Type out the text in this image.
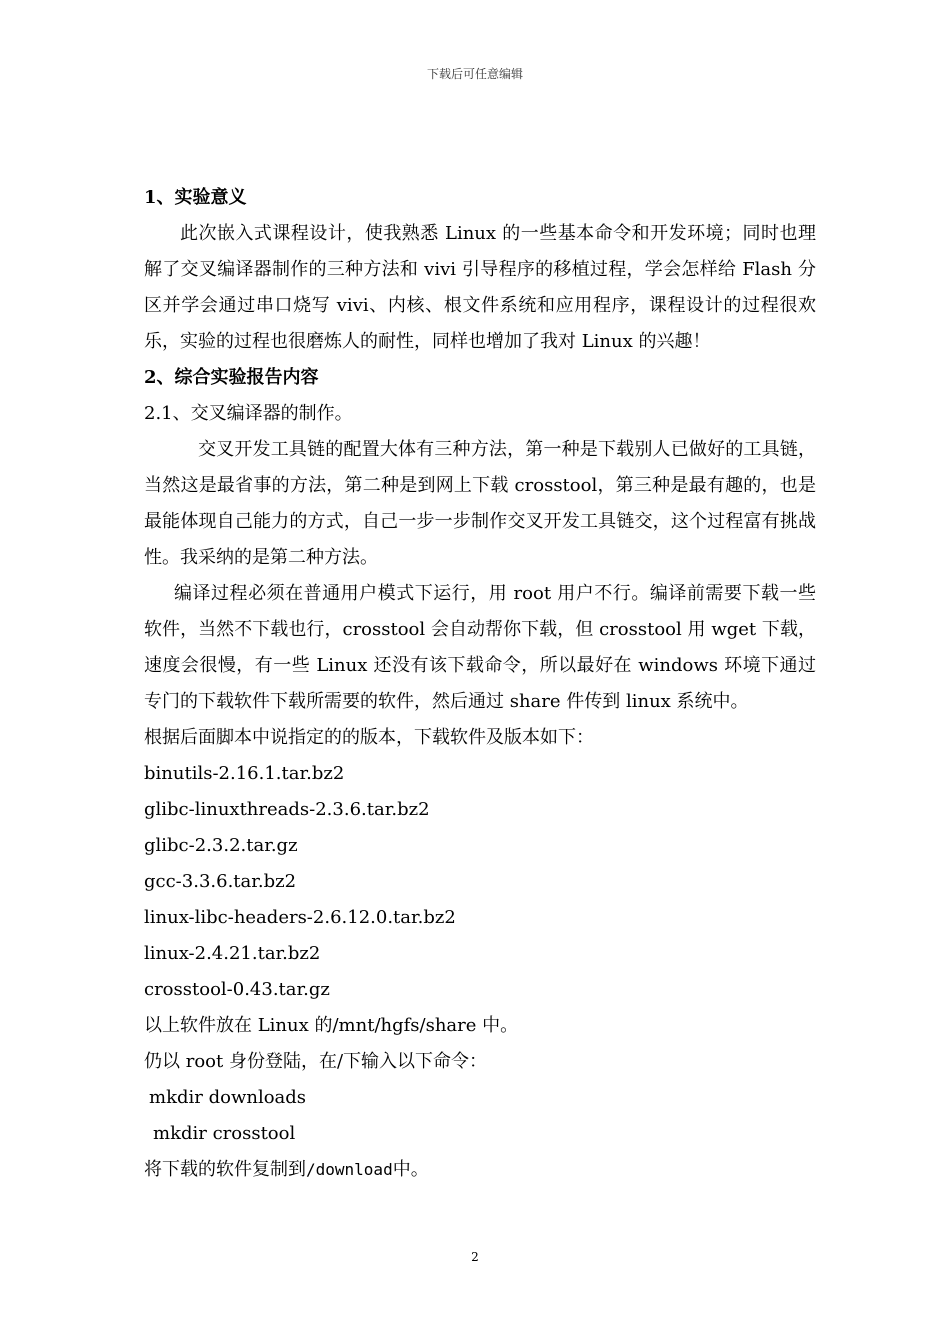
下载后可任意编辑
1、实验意义
此次嵌入式课程设计，使我熟悉 Linux 的一些基本命令和开发环境；同时也理解了交叉编译器制作的三种方法和 vivi 引导程序的移植过程，学会怎样给 Flash 分区并学会通过串口烧写 vivi、内核、根文件系统和应用程序，课程设计的过程很欢乐，实验的过程也很磨炼人的耐性，同样也增加了我对 Linux 的兴趣！
2、综合实验报告内容
2.1、交叉编译器的制作。
交叉开发工具链的配置大体有三种方法，第一种是下载别人已做好的工具链，当然这是最省事的方法，第二种是到网上下载 crosstool，第三种是最有趣的，也是最能体现自己能力的方式，自己一步一步制作交叉开发工具链交，这个过程富有挑战性。我采纳的是第二种方法。
编译过程必须在普通用户模式下运行，用 root 用户不行。编译前需要下载一些软件，当然不下载也行，crosstool 会自动帮你下载，但 crosstool 用 wget 下载，速度会很慢，有一些 Linux 还没有该下载命令，所以最好在 windows 环境下通过专门的下载软件下载所需要的软件，然后通过 share 件传到 linux 系统中。
根据后面脚本中说指定的的版本，下载软件及版本如下：
binutils-2.16.1.tar.bz2
glibc-linuxthreads-2.3.6.tar.bz2
glibc-2.3.2.tar.gz
gcc-3.3.6.tar.bz2
linux-libc-headers-2.6.12.0.tar.bz2
linux-2.4.21.tar.bz2
crosstool-0.43.tar.gz
以上软件放在 Linux 的/mnt/hgfs/share 中。
仍以 root 身份登陆，在/下输入以下命令：
mkdir downloads
mkdir crosstool
将下载的软件复制到/download中。
2
